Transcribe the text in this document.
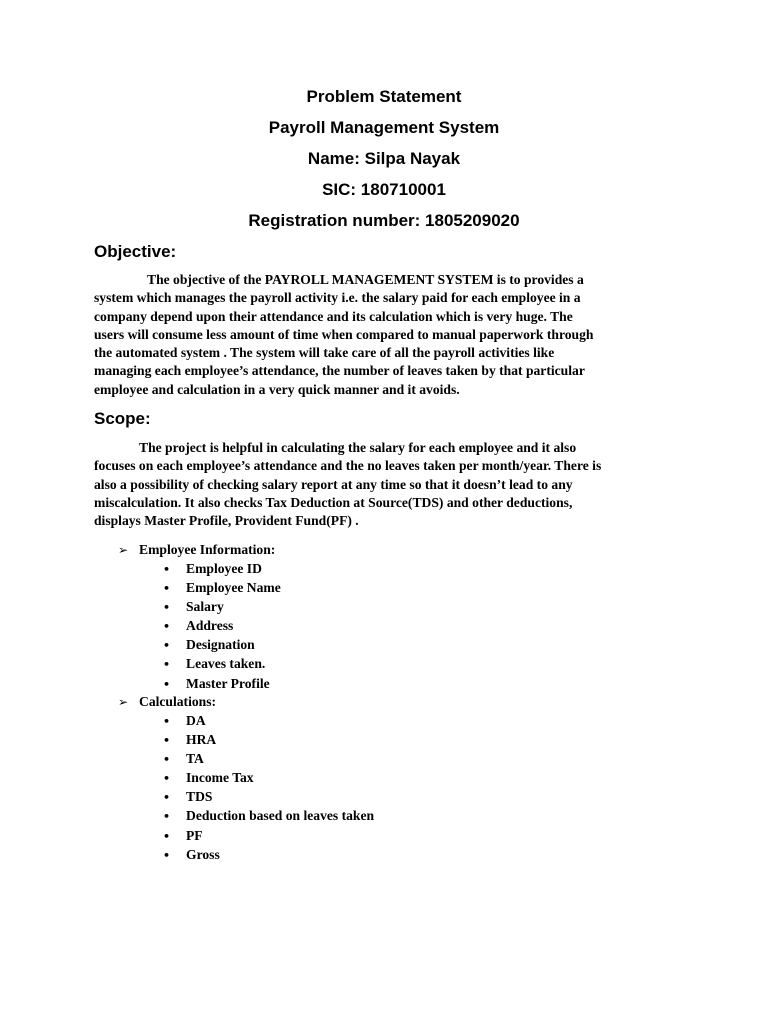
Problem Statement
Payroll Management System
Name: Silpa Nayak
SIC: 180710001
Registration number: 1805209020
Objective:
The objective of the PAYROLL MANAGEMENT SYSTEM is to provides a
system which manages the payroll activity i.e. the salary paid for each employee in a
company depend upon their attendance and its calculation which is very huge. The
users will consume less amount of time when compared to manual paperwork through
the automated system . The system will take care of all the payroll activities like
managing each employee’s attendance, the number of leaves taken by that particular
employee and calculation in a very quick manner and it avoids.
Scope:
The project is helpful in calculating the salary for each employee and it also
focuses on each employee’s attendance and the no leaves taken per month/year. There is
also a possibility of checking salary report at any time so that it doesn’t lead to any
miscalculation. It also checks Tax Deduction at Source(TDS) and other deductions,
displays Master Profile, Provident Fund(PF) .
➢ Employee Information:
• Employee ID
• Employee Name
• Salary
• Address
• Designation
• Leaves taken.
• Master Profile
➢ Calculations:
• DA
• HRA
• TA
• Income Tax
• TDS
• Deduction based on leaves taken
• PF
• Gross
